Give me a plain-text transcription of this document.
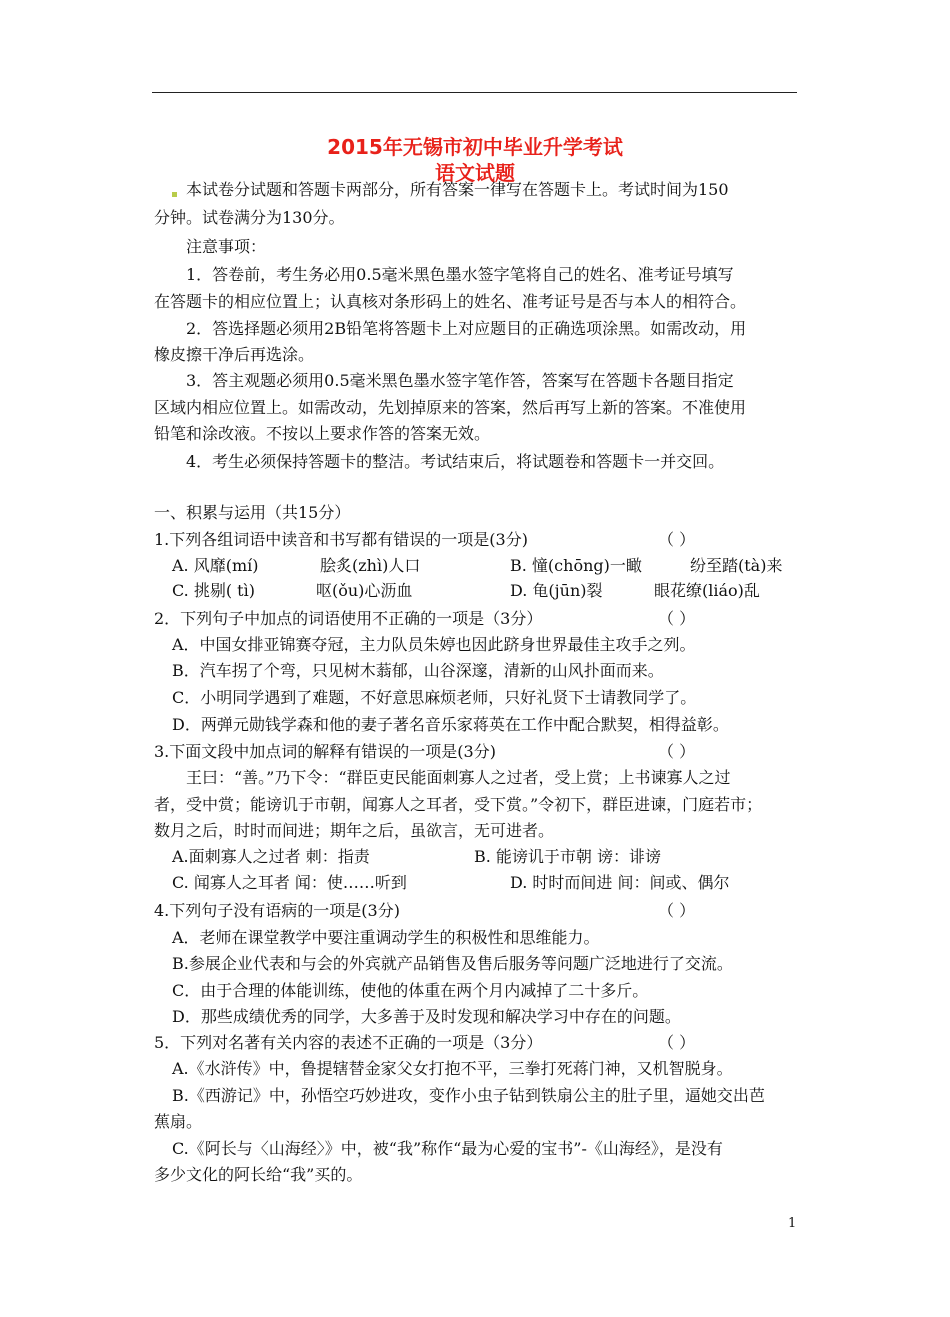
2015年无锡市初中毕业升学考试
语文试题
本试卷分试题和答题卡两部分，所有答案一律写在答题卡上。考试时间为150
分钟。试卷满分为130分。
注意事项：
1．答卷前，考生务必用0.5毫米黑色墨水签字笔将自己的姓名、准考证号填写
在答题卡的相应位置上；认真核对条形码上的姓名、准考证号是否与本人的相符合。
2．答选择题必须用2B铅笔将答题卡上对应题目的正确选项涂黑。如需改动，用
橡皮擦干净后再选涂。
3．答主观题必须用0.5毫米黑色墨水签字笔作答，答案写在答题卡各题目指定
区域内相应位置上。如需改动，先划掉原来的答案，然后再写上新的答案。不准使用
铅笔和涂改液。不按以上要求作答的答案无效。
4．考生必须保持答题卡的整洁。考试结束后，将试题卷和答题卡一并交回。
一、积累与运用（共15分）
1.下列各组词语中读音和书写都有错误的一项是(3分)	（ ）
A. 风靡(mí)	脍炙(zhì)人口	B. 憧(chōng)一瞰	纷至踏(tà)来
C. 挑剔( tì)	呕(ǒu)心沥血	D. 龟(jūn)裂	眼花缭(liáo)乱
2．下列句子中加点的词语使用不正确的一项是（3分）	（ ）
A．中国女排亚锦赛夺冠，主力队员朱婷也因此跻身世界最佳主攻手之列。
B．汽车拐了个弯，只见树木蓊郁，山谷深邃，清新的山风扑面而来。
C．小明同学遇到了难题，不好意思麻烦老师，只好礼贤下士请教同学了。
D．两弹元勋钱学森和他的妻子著名音乐家蒋英在工作中配合默契，相得益彰。
3.下面文段中加点词的解释有错误的一项是(3分)	（ ）
王曰：“善。”乃下令：“群臣吏民能面刺寡人之过者，受上赏；上书谏寡人之过
者，受中赏；能谤讥于市朝，闻寡人之耳者，受下赏。”令初下，群臣进谏，门庭若市；
数月之后，时时而间进；期年之后，虽欲言，无可进者。
A.面刺寡人之过者 刺：指责	B. 能谤讥于市朝 谤：诽谤
C. 闻寡人之耳者 闻：使……听到	D. 时时而间进 间：间或、偶尔
4.下列句子没有语病的一项是(3分)	（ ）
A．老师在课堂教学中要注重调动学生的积极性和思维能力。
B.参展企业代表和与会的外宾就产品销售及售后服务等问题广泛地进行了交流。
C．由于合理的体能训练，使他的体重在两个月内减掉了二十多斤。
D．那些成绩优秀的同学，大多善于及时发现和解决学习中存在的问题。
5．下列对名著有关内容的表述不正确的一项是（3分）	（ ）
A.《水浒传》中，鲁提辖替金家父女打抱不平，三拳打死蒋门神，又机智脱身。
B.《西游记》中，孙悟空巧妙进攻，变作小虫子钻到铁扇公主的肚子里，逼她交出芭
蕉扇。
C.《阿长与〈山海经〉》中，被“我”称作“最为心爱的宝书”-《山海经》，是没有
多少文化的阿长给“我”买的。
1
